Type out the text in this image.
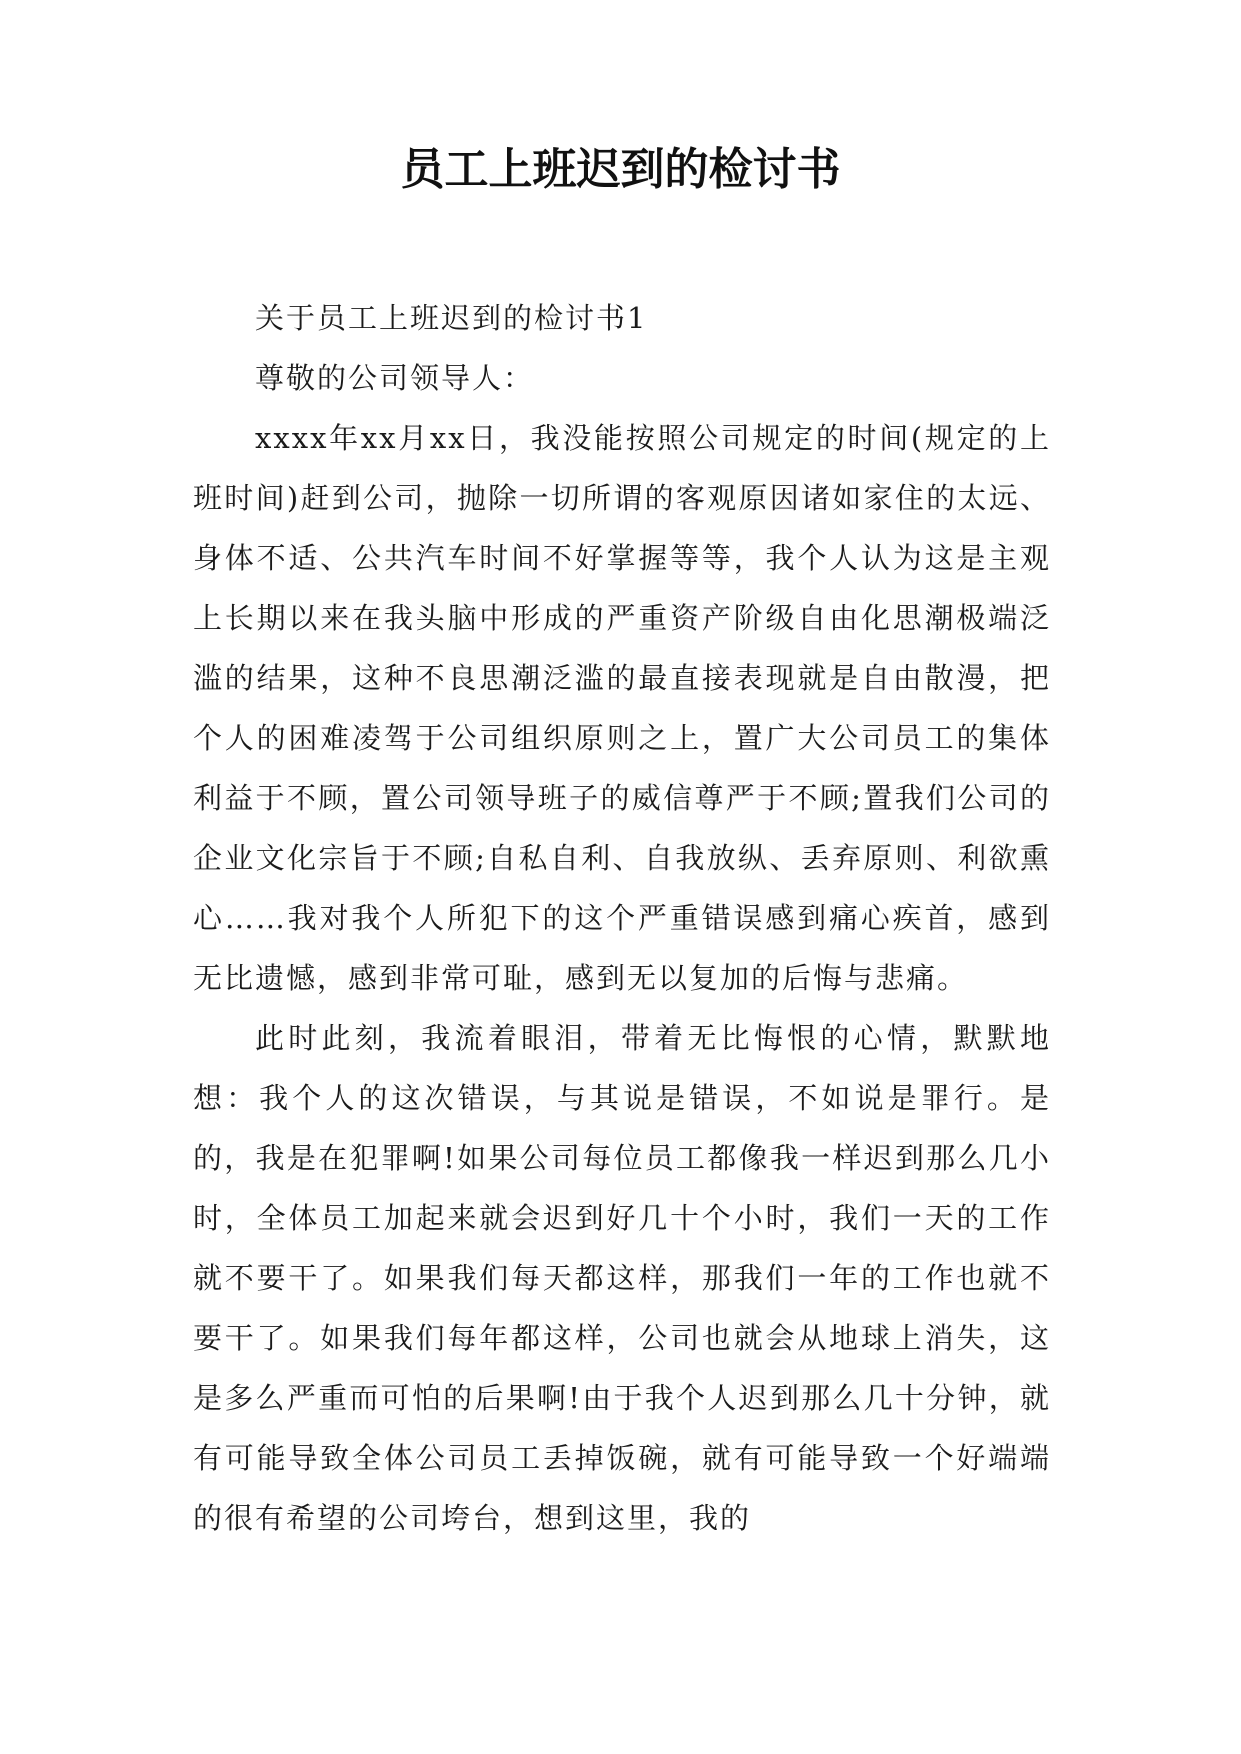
员工上班迟到的检讨书

关于员工上班迟到的检讨书1

尊敬的公司领导人：

xxxx年xx月xx日，我没能按照公司规定的时间(规定的上班时间)赶到公司，抛除一切所谓的客观原因诸如家住的太远、身体不适、公共汽车时间不好掌握等等，我个人认为这是主观上长期以来在我头脑中形成的严重资产阶级自由化思潮极端泛滥的结果，这种不良思潮泛滥的最直接表现就是自由散漫，把个人的困难凌驾于公司组织原则之上，置广大公司员工的集体利益于不顾，置公司领导班子的威信尊严于不顾;置我们公司的企业文化宗旨于不顾;自私自利、自我放纵、丢弃原则、利欲熏心……我对我个人所犯下的这个严重错误感到痛心疾首，感到无比遗憾，感到非常可耻，感到无以复加的后悔与悲痛。

此时此刻，我流着眼泪，带着无比悔恨的心情，默默地想：我个人的这次错误，与其说是错误，不如说是罪行。是的，我是在犯罪啊!如果公司每位员工都像我一样迟到那么几小时，全体员工加起来就会迟到好几十个小时，我们一天的工作就不要干了。如果我们每天都这样，那我们一年的工作也就不要干了。如果我们每年都这样，公司也就会从地球上消失，这是多么严重而可怕的后果啊!由于我个人迟到那么几十分钟，就有可能导致全体公司员工丢掉饭碗，就有可能导致一个好端端的很有希望的公司垮台，想到这里，我的
